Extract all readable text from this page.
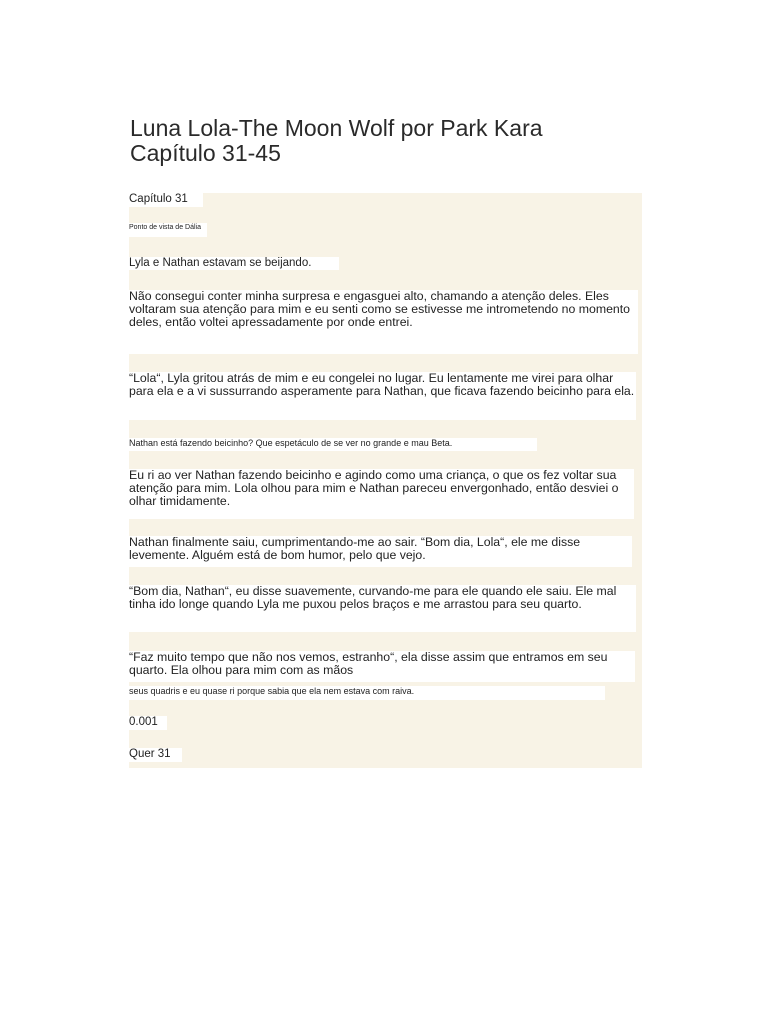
Luna Lola-The Moon Wolf por Park Kara
Capítulo 31-45
Capítulo 31
Ponto de vista de Dália
Lyla e Nathan estavam se beijando.
Não consegui conter minha surpresa e engasguei alto, chamando a atenção deles. Eles voltaram sua atenção para mim e eu senti como se estivesse me intrometendo no momento deles, então voltei apressadamente por onde entrei.
“Lola“, Lyla gritou atrás de mim e eu congelei no lugar. Eu lentamente me virei para olhar para ela e a vi sussurrando asperamente para Nathan, que ficava fazendo beicinho para ela.
Nathan está fazendo beicinho? Que espetáculo de se ver no grande e mau Beta.
Eu ri ao ver Nathan fazendo beicinho e agindo como uma criança, o que os fez voltar sua atenção para mim. Lola olhou para mim e Nathan pareceu envergonhado, então desviei o olhar timidamente.
Nathan finalmente saiu, cumprimentando-me ao sair. “Bom dia, Lola“, ele me disse levemente. Alguém está de bom humor, pelo que vejo.
“Bom dia, Nathan“, eu disse suavemente, curvando-me para ele quando ele saiu. Ele mal tinha ido longe quando Lyla me puxou pelos braços e me arrastou para seu quarto.
“Faz muito tempo que não nos vemos, estranho“, ela disse assim que entramos em seu quarto. Ela olhou para mim com as mãos
seus quadris e eu quase ri porque sabia que ela nem estava com raiva.
0.001
Quer 31
